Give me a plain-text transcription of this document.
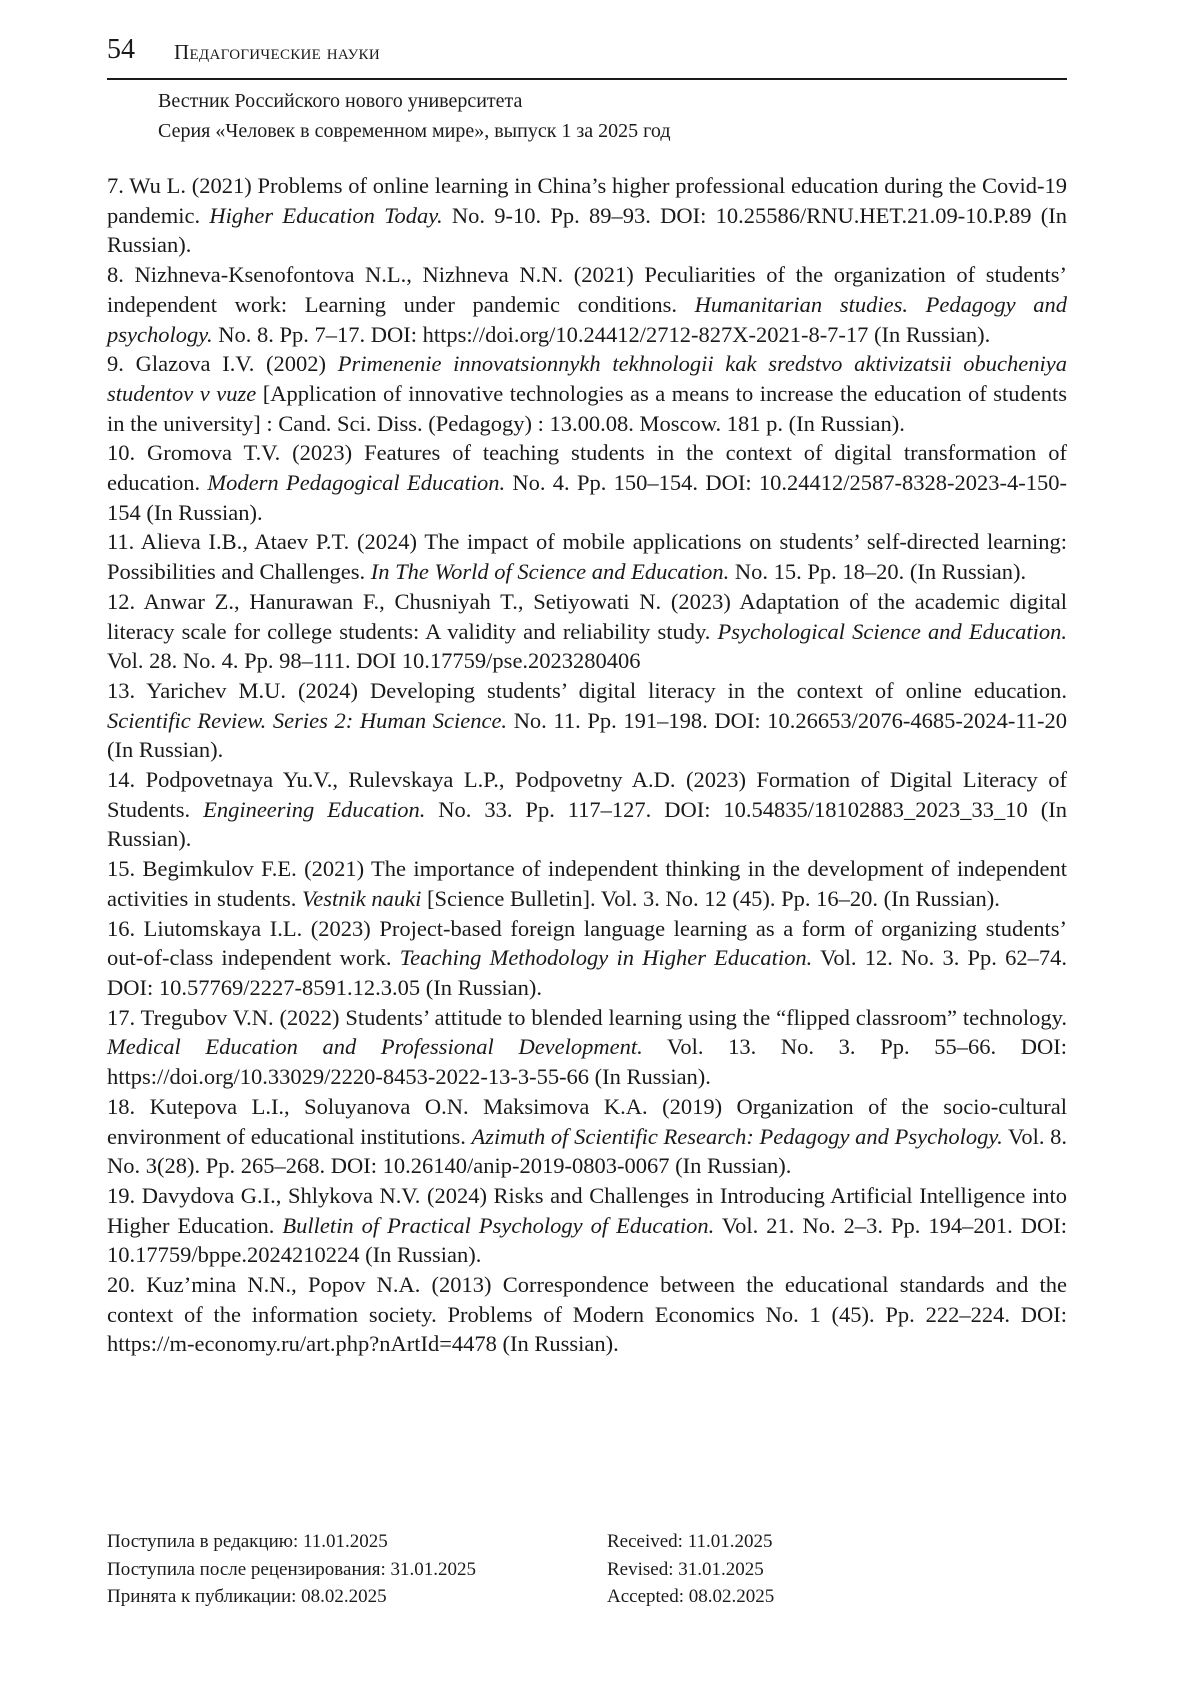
54 Педагогические науки
Вестник Российского нового университета
Серия «Человек в современном мире», выпуск 1 за 2025 год

7. Wu L. (2021) Problems of online learning in China’s higher professional education during the Covid-19 pandemic. Higher Education Today. No. 9-10. Pp. 89–93. DOI: 10.25586/RNU.HET.21.09-10.P.89 (In Russian).

8. Nizhneva-Ksenofontova N.L., Nizhneva N.N. (2021) Peculiarities of the organization of students’ independent work: Learning under pandemic conditions. Humanitarian studies. Pedagogy and psychology. No. 8. Pp. 7–17. DOI: https://doi.org/10.24412/2712-827X-2021-8-7-17 (In Russian).

9. Glazova I.V. (2002) Primenenie innovatsionnykh tekhnologii kak sredstvo aktivizatsii obucheniya studentov v vuze [Application of innovative technologies as a means to increase the education of students in the university] : Cand. Sci. Diss. (Pedagogy) : 13.00.08. Moscow. 181 p. (In Russian).

10. Gromova T.V. (2023) Features of teaching students in the context of digital transformation of education. Modern Pedagogical Education. No. 4. Pp. 150–154. DOI: 10.24412/2587-8328-2023-4-150-154 (In Russian).

11. Alieva I.B., Ataev P.T. (2024) The impact of mobile applications on students’ self-directed learning: Possibilities and Challenges. In The World of Science and Education. No. 15. Pp. 18–20. (In Russian).

12. Anwar Z., Hanurawan F., Chusniyah T., Setiyowati N. (2023) Adaptation of the academic digital literacy scale for college students: A validity and reliability study. Psychological Science and Education. Vol. 28. No. 4. Pp. 98–111. DOI 10.17759/pse.2023280406

13. Yarichev M.U. (2024) Developing students’ digital literacy in the context of online education. Scientific Review. Series 2: Human Science. No. 11. Pp. 191–198. DOI: 10.26653/2076-4685-2024-11-20 (In Russian).

14. Podpovetnaya Yu.V., Rulevskaya L.P., Podpovetny A.D. (2023) Formation of Digital Literacy of Students. Engineering Education. No. 33. Pp. 117–127. DOI: 10.54835/18102883_2023_33_10 (In Russian).

15. Begimkulov F.E. (2021) The importance of independent thinking in the development of independent activities in students. Vestnik nauki [Science Bulletin]. Vol. 3. No. 12 (45). Pp. 16–20. (In Russian).

16. Liutomskaya I.L. (2023) Project-based foreign language learning as a form of organizing students’ out-of-class independent work. Teaching Methodology in Higher Education. Vol. 12. No. 3. Pp. 62–74. DOI: 10.57769/2227-8591.12.3.05 (In Russian).

17. Tregubov V.N. (2022) Students’ attitude to blended learning using the “flipped classroom” technology. Medical Education and Professional Development. Vol. 13. No. 3. Pp. 55–66. DOI: https://doi.org/10.33029/2220-8453-2022-13-3-55-66 (In Russian).

18. Kutepova L.I., Soluyanova O.N. Maksimova K.A. (2019) Organization of the socio-cultural environment of educational institutions. Azimuth of Scientific Research: Pedagogy and Psychology. Vol. 8. No. 3(28). Pp. 265–268. DOI: 10.26140/anip-2019-0803-0067 (In Russian).

19. Davydova G.I., Shlykova N.V. (2024) Risks and Challenges in Introducing Artificial Intelligence into Higher Education. Bulletin of Practical Psychology of Education. Vol. 21. No. 2–3. Pp. 194–201. DOI: 10.17759/bppe.2024210224 (In Russian).

20. Kuz’mina N.N., Popov N.A. (2013) Correspondence between the educational standards and the context of the information society. Problems of Modern Economics No. 1 (45). Pp. 222–224. DOI: https://m-economy.ru/art.php?nArtId=4478 (In Russian).

Поступила в редакцию: 11.01.2025	Received: 11.01.2025
Поступила после рецензирования: 31.01.2025	Revised: 31.01.2025
Принята к публикации: 08.02.2025	Accepted: 08.02.2025
